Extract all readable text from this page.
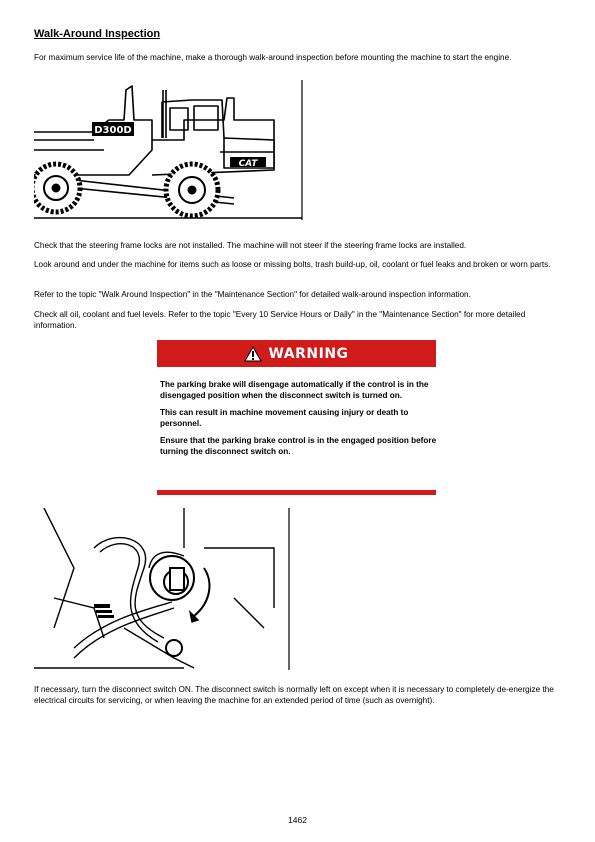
Walk-Around Inspection
For maximum service life of the machine, make a thorough walk-around inspection before mounting the machine to start the engine.
D300D
CAT
Check that the steering frame locks are not installed. The machine will not steer if the steering frame locks are installed.
Look around and under the machine for items such as loose or missing bolts, trash build-up, oil, coolant or fuel leaks and broken or worn parts.
Refer to the topic "Walk Around Inspection" in the "Maintenance Section" for detailed walk-around inspection information.
Check all oil, coolant and fuel levels. Refer to the topic "Every 10 Service Hours or Daily" in the "Maintenance Section" for more detailed information.
WARNING

The parking brake will disengage automatically if the control is in the disengaged position when the disconnect switch is turned on.

This can result in machine movement causing injury or death to personnel.

Ensure that the parking brake control is in the engaged position before turning the disconnect switch on.

If necessary, turn the disconnect switch ON. The disconnect switch is normally left on except when it is necessary to completely de-energize the electrical circuits for servicing, or when leaving the machine for an extended period of time (such as overnight).
1462
